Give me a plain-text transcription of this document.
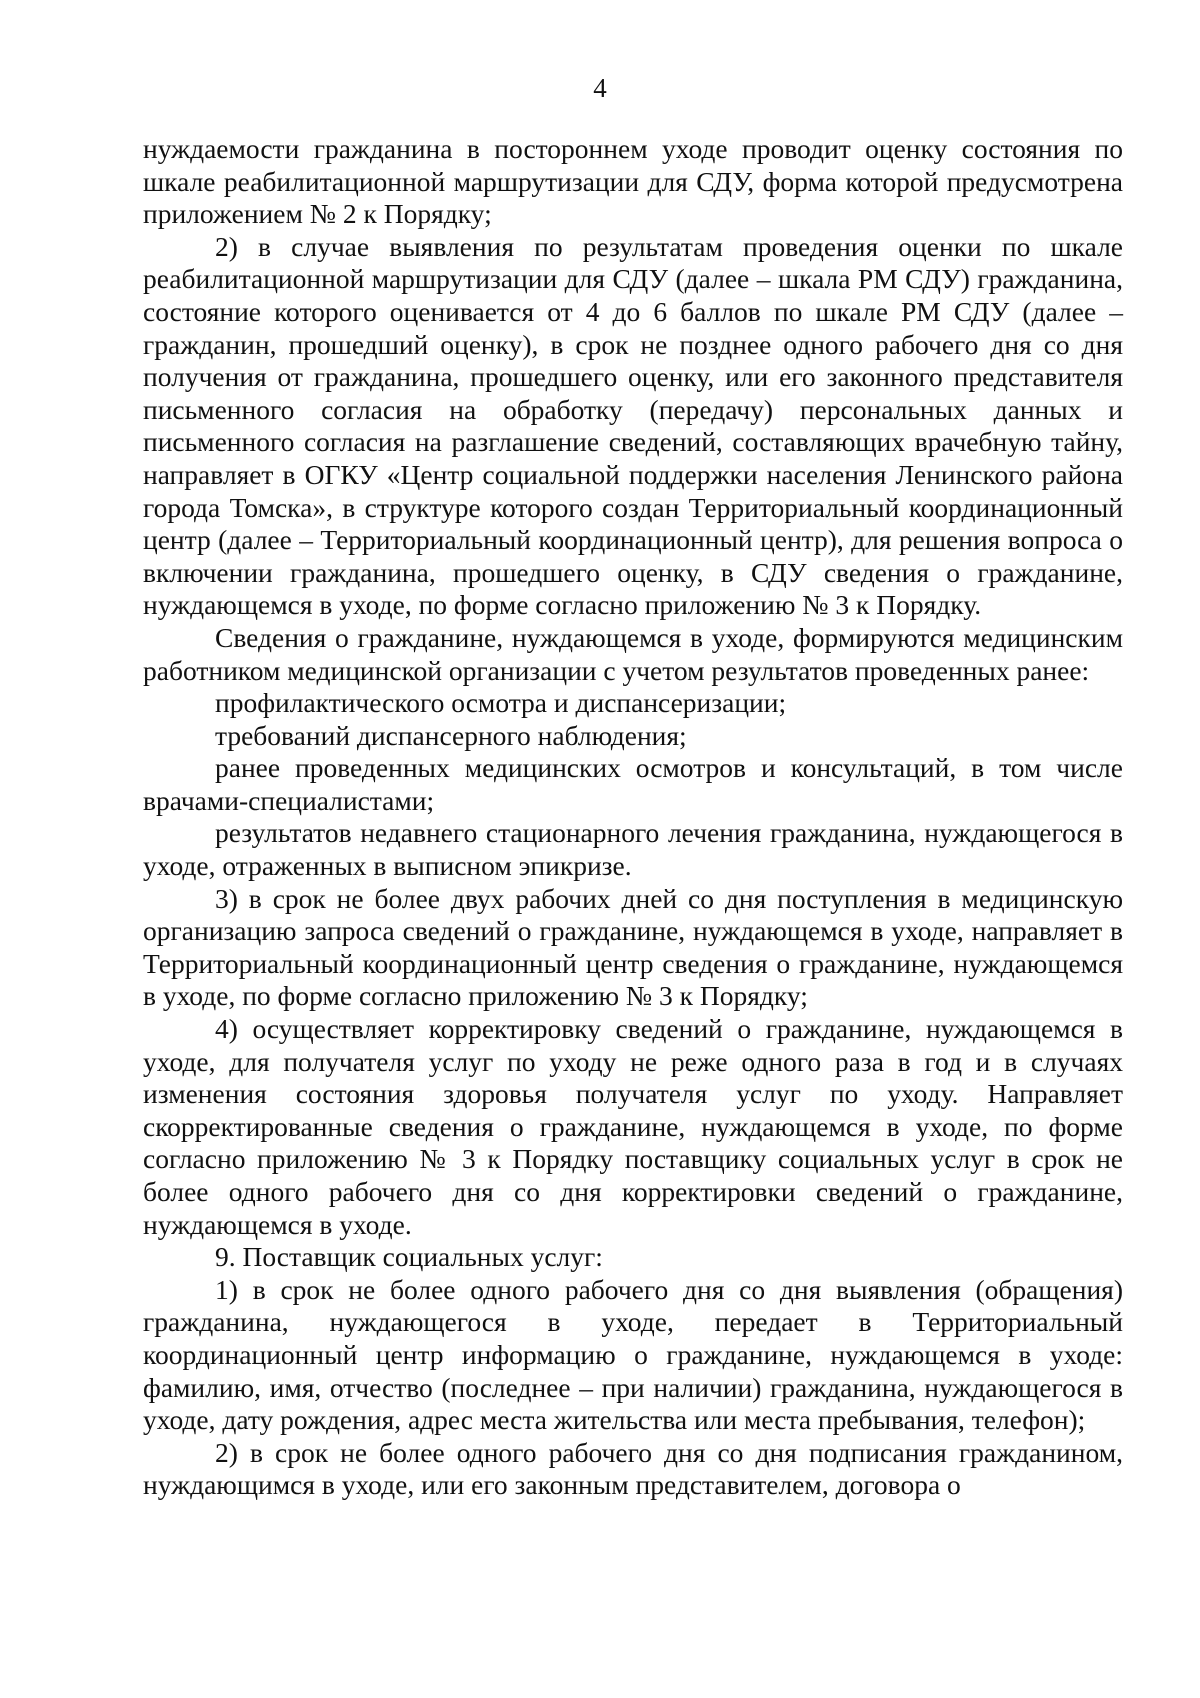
4

нуждаемости гражданина в постороннем уходе проводит оценку состояния по шкале реабилитационной маршрутизации для СДУ, форма которой предусмотрена приложением № 2 к Порядку;

2) в случае выявления по результатам проведения оценки по шкале реабилитационной маршрутизации для СДУ (далее – шкала РМ СДУ) гражданина, состояние которого оценивается от 4 до 6 баллов по шкале РМ СДУ (далее – гражданин, прошедший оценку), в срок не позднее одного рабочего дня со дня получения от гражданина, прошедшего оценку, или его законного представителя письменного согласия на обработку (передачу) персональных данных и письменного согласия на разглашение сведений, составляющих врачебную тайну, направляет в ОГКУ «Центр социальной поддержки населения Ленинского района города Томска», в структуре которого создан Территориальный координационный центр (далее – Территориальный координационный центр), для решения вопроса о включении гражданина, прошедшего оценку, в СДУ сведения о гражданине, нуждающемся в уходе, по форме согласно приложению № 3 к Порядку.

Сведения о гражданине, нуждающемся в уходе, формируются медицинским работником медицинской организации с учетом результатов проведенных ранее:

профилактического осмотра и диспансеризации;

требований диспансерного наблюдения;

ранее проведенных медицинских осмотров и консультаций, в том числе врачами-специалистами;

результатов недавнего стационарного лечения гражданина, нуждающегося в уходе, отраженных в выписном эпикризе.

3) в срок не более двух рабочих дней со дня поступления в медицинскую организацию запроса сведений о гражданине, нуждающемся в уходе, направляет в Территориальный координационный центр сведения о гражданине, нуждающемся в уходе, по форме согласно приложению № 3 к Порядку;

4) осуществляет корректировку сведений о гражданине, нуждающемся в уходе, для получателя услуг по уходу не реже одного раза в год и в случаях изменения состояния здоровья получателя услуг по уходу. Направляет скорректированные сведения о гражданине, нуждающемся в уходе, по форме согласно приложению № 3 к Порядку поставщику социальных услуг в срок не более одного рабочего дня со дня корректировки сведений о гражданине, нуждающемся в уходе.

9. Поставщик социальных услуг:

1) в срок не более одного рабочего дня со дня выявления (обращения) гражданина, нуждающегося в уходе, передает в Территориальный координационный центр информацию о гражданине, нуждающемся в уходе: фамилию, имя, отчество (последнее – при наличии) гражданина, нуждающегося в уходе, дату рождения, адрес места жительства или места пребывания, телефон);

2) в срок не более одного рабочего дня со дня подписания гражданином, нуждающимся в уходе, или его законным представителем, договора о
